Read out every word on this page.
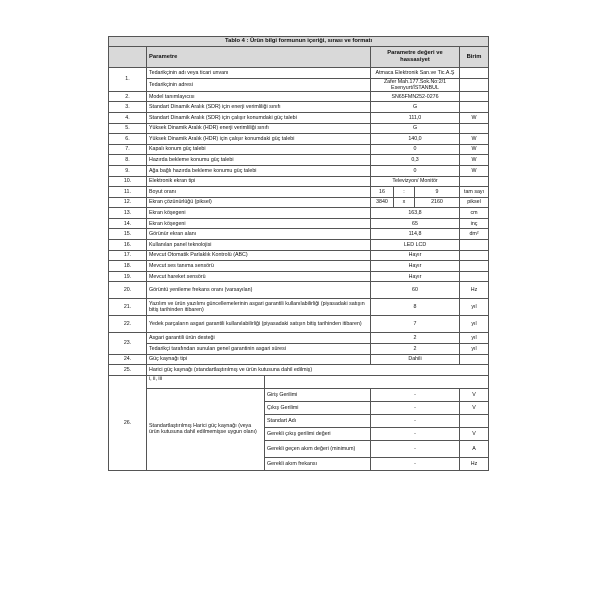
Tablo 4 : Ürün bilgi formunun içeriği, sırası ve formatı						
	Parametre		Parametre değeri ve hassasiyet			Birim
1.	Tedarikçinin adı veya ticari unvanı		Atmaca Elektronik San.ve Tic.A.Ş			
	Tedarikçinin adresi		Zafer Mah.177.Sok.No:2/1 Esenyurt/İSTANBUL			
2.	Model tanımlayıcısı		SN65FMN252-0276			
3.	Standart Dinamik Aralık (SDR) için enerji verimliliği sınıfı		G			
4.	Standart Dinamik Aralık (SDR) için çalışır konumdaki güç talebi		111,0			W
5.	Yüksek Dinamik Aralık (HDR) enerji verimliliği sınıfı		G			
6.	Yüksek Dinamik Aralık (HDR) için çalışır konumdaki güç talebi		140,0			W
7.	Kapalı konum güç talebi		0			W
8.	Hazırda bekleme konumu güç talebi		0,3			W
9.	Ağa bağlı hazırda bekleme konumu güç talebi		0			W
10.	Elektronik ekran tipi		Televizyon/ Monitör			
11.	Boyut oranı		16	:	9	tam sayı
12.	Ekran çözünürlüğü (piksel)		3840	x	2160	piksel
13.	Ekran köşegeni		163,8			cm
14.	Ekran köşegeni		65			inç
15.	Görünür ekran alanı		114,8			dm²
16.	Kullanılan panel teknolojisi		LED LCD			
17.	Mevcut Otomatik Parlaklık Kontrolü (ABC)		Hayır			
18.	Mevcut ses tanıma sensörü		Hayır			
19.	Mevcut hareket sensörü		Hayır			
20.	Görüntü yenileme frekans oranı (varsayılan)		60			Hz
21.	Yazılım ve ürün yazılımı güncellemelerinin asgari garantili kullanılabilirliği (piyasadaki satışın bitiş tarihinden itibaren)		8			yıl
22.	Yedek parçaların asgari garantili kullanılabilirliği (piyasadaki satışın bitiş tarihinden itibaren)		7			yıl
23.	Asgari garantili ürün desteği		2			yıl
	Tedarikçi tarafından sunulan genel garantinin asgari süresi		2			yıl
24.	Güç kaynağı tipi		Dahili			
25.	Harici güç kaynağı (standartlaştırılmış ve ürün kutusuna dahil edilmiş)					
26.	i, ii, iii					
	Standartlaştırılmış Harici güç kaynağı (veya ürün kutusuna dahil edilmemişse uygun olanı)	Giriş Gerilimi	-			V
		Çıkış Gerilimi	-			V
		Standart Adı	-			
		Gerekli çıkış gerilimi değeri	-			V
		Gerekli geçen akım değeri (minimum)	-			A
		Gerekli akım frekansı	-			Hz
